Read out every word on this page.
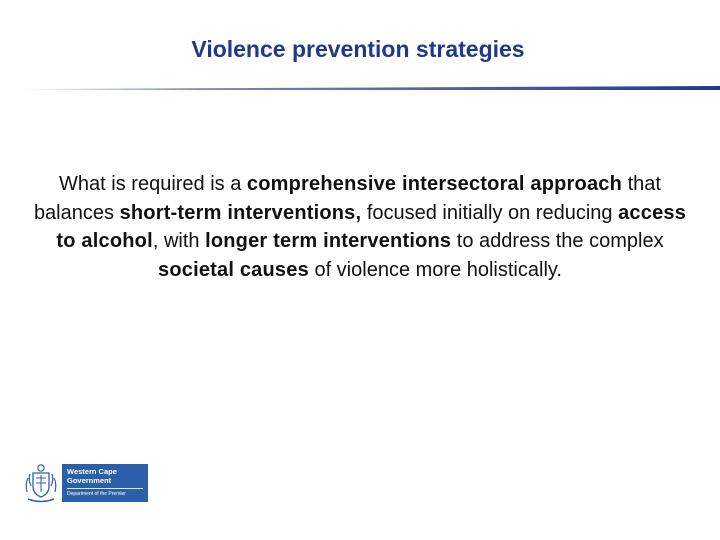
Violence prevention strategies

What is required is a comprehensive intersectoral approach that balances short-term interventions, focused initially on reducing access to alcohol, with longer term interventions to address the complex societal causes of violence more holistically.

Western Cape
Government
Department of the Premier
